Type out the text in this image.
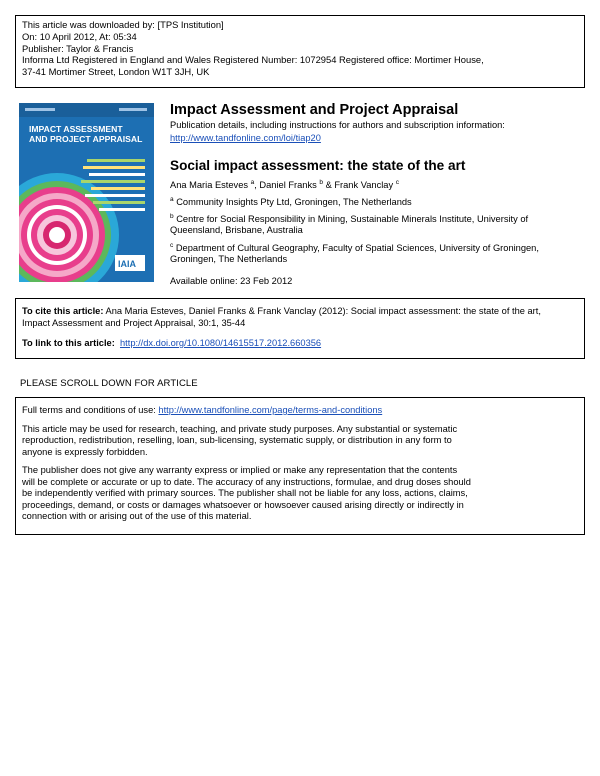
This article was downloaded by: [TPS Institution]
On: 10 April 2012, At: 05:34
Publisher: Taylor & Francis
Informa Ltd Registered in England and Wales Registered Number: 1072954 Registered office: Mortimer House,
37-41 Mortimer Street, London W1T 3JH, UK
IMPACT ASSESSMENT
AND PROJECT APPRAISAL
IAIA
Impact Assessment and Project Appraisal
Publication details, including instructions for authors and subscription information:
http://www.tandfonline.com/loi/tiap20
Social impact assessment: the state of the art
Ana Maria Esteves $^a$, Daniel Franks $^b$ & Frank Vanclay $^c$
$^a$ Community Insights Pty Ltd, Groningen, The Netherlands
$^b$ Centre for Social Responsibility in Mining, Sustainable Minerals Institute, University of
Queensland, Brisbane, Australia
$^c$ Department of Cultural Geography, Faculty of Spatial Sciences, University of Groningen,
Groningen, The Netherlands
Available online: 23 Feb 2012
To cite this article: Ana Maria Esteves, Daniel Franks & Frank Vanclay (2012): Social impact assessment: the state of the art,
Impact Assessment and Project Appraisal, 30:1, 35-44
To link to this article: http://dx.doi.org/10.1080/14615517.2012.660356
PLEASE SCROLL DOWN FOR ARTICLE

Full terms and conditions of use: http://www.tandfonline.com/page/terms-and-conditions

This article may be used for research, teaching, and private study purposes. Any substantial or systematic
reproduction, redistribution, reselling, loan, sub-licensing, systematic supply, or distribution in any form to
anyone is expressly forbidden.

The publisher does not give any warranty express or implied or make any representation that the contents
will be complete or accurate or up to date. The accuracy of any instructions, formulae, and drug doses should
be independently verified with primary sources. The publisher shall not be liable for any loss, actions, claims,
proceedings, demand, or costs or damages whatsoever or howsoever caused arising directly or indirectly in
connection with or arising out of the use of this material.
